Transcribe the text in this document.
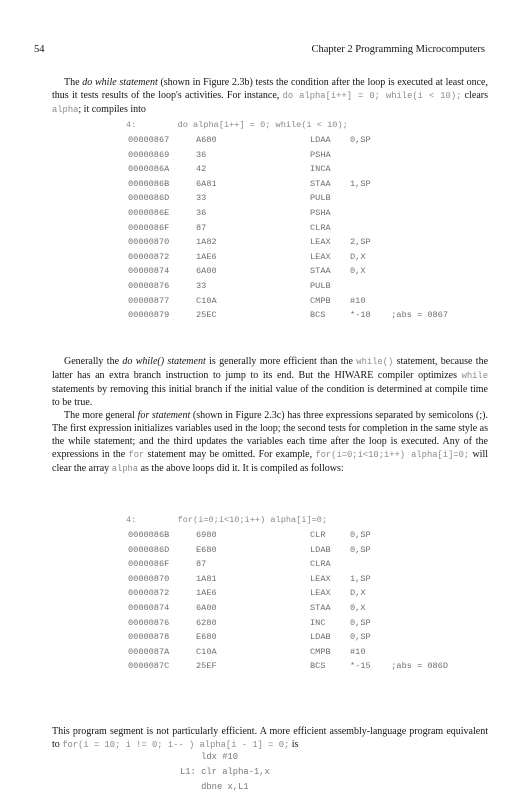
54	Chapter 2 Programming Microcomputers
The do while statement (shown in Figure 2.3b) tests the condition after the loop is executed at least once, thus it tests results of the loop's activities. For instance, do alpha[i++] = 0; while(i < 10); clears alpha; it compiles into
4:        do alpha[i++] = 0; while(i < 10);
00000867	A680	LDAA 0,SP
00000869	36	PSHA
0000086A	42	INCA
0000086B	6A81	STAA 1,SP
0000086D	33	PULB
0000086E	36	PSHA
0000086F	87	CLRA
00000870	1A82	LEAX 2,SP
00000872	1AE6	LEAX D,X
00000874	6A00	STAA 0,X
00000876	33	PULB
00000877	C10A	CMPB #10
00000879	25EC	BCS	*-18    ;abs = 0867
Generally the do while() statement is generally more efficient than the while() statement, because the latter has an extra branch instruction to jump to its end. But the HIWARE compiler optimizes while statements by removing this initial branch if the initial value of the condition is determined at compile time to be true.
The more general for statement (shown in Figure 2.3c) has three expressions separated by semicolons (;). The first expression initializes variables used in the loop; the second tests for completion in the same style as the while statement; and the third updates the variables each time after the loop is executed. Any of the expressions in the for statement may be omitted. For example, for(i=0;i<10;i++) alpha[i]=0; will clear the array alpha as the above loops did it. It is compiled as follows:
4:        for(i=0;i<10;i++) alpha[i]=0;
0000086B	6980	CLR	0,SP
0000086D	E680	LDAB 0,SP
0000086F	87	CLRA
00000870	1A81	LEAX 1,SP
00000872	1AE6	LEAX D,X
00000874	6A00	STAA 0,X
00000876	6280	INC	0,SP
00000878	E680	LDAB 0,SP
0000087A	C10A	CMPB #10
0000087C	25EF	BCS	*-15    ;abs = 086D
This program segment is not particularly efficient. A more efficient assembly-language program equivalent to for(i = 10; i != 0; i-- ) alpha[i - 1] = 0; is
ldx #10
L1: clr alpha-1,x
dbne x,L1
